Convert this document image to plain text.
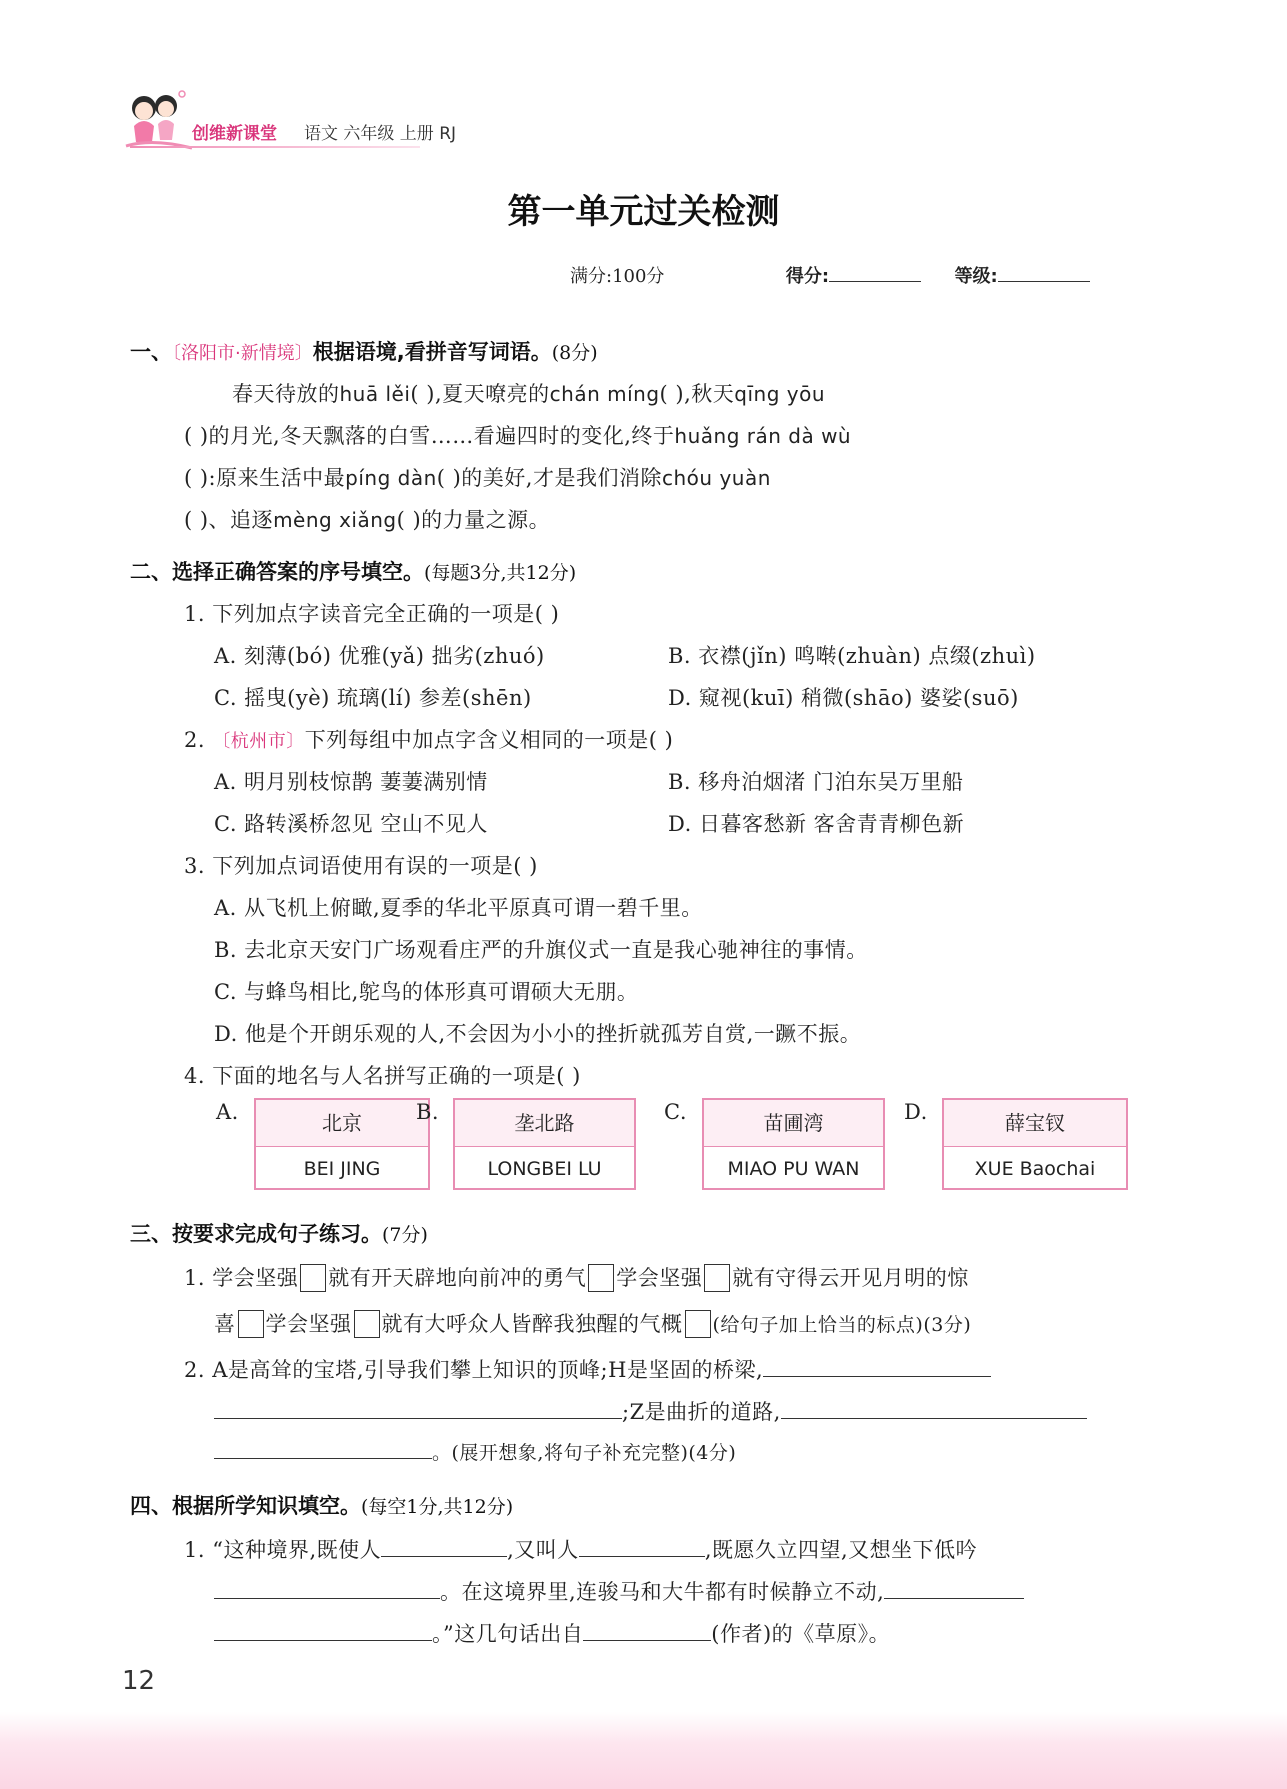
创维新课堂 语文 六年级 上册 RJ
第一单元过关检测
满分:100分	得分:	等级:
一、〔洛阳市·新情境〕根据语境,看拼音写词语。(8分)
春天待放的huā lěi( ),夏天嘹亮的chán míng( ),秋天qīng yōu
( )的月光,冬天飘落的白雪……看遍四时的变化,终于huǎng rán dà wù
( ):原来生活中最píng dàn( )的美好,才是我们消除chóu yuàn
( )、追逐mèng xiǎng( )的力量之源。
二、选择正确答案的序号填空。(每题3分,共12分)
1. 下列加点字读音完全正确的一项是( )
A. 刻薄(bó) 优雅(yǎ) 拙劣(zhuó)	B. 衣襟(jǐn) 鸣啭(zhuàn) 点缀(zhuì)
C. 摇曳(yè) 琉璃(lí) 参差(shēn)	D. 窥视(kuī) 稍微(shāo) 婆娑(suō)
2. 〔杭州市〕下列每组中加点字含义相同的一项是( )
A. 明月别枝惊鹊 萋萋满别情	B. 移舟泊烟渚 门泊东吴万里船
C. 路转溪桥忽见 空山不见人	D. 日暮客愁新 客舍青青柳色新
3. 下列加点词语使用有误的一项是( )
A. 从飞机上俯瞰,夏季的华北平原真可谓一碧千里。
B. 去北京天安门广场观看庄严的升旗仪式一直是我心驰神往的事情。
C. 与蜂鸟相比,鸵鸟的体形真可谓硕大无朋。
D. 他是个开朗乐观的人,不会因为小小的挫折就孤芳自赏,一蹶不振。
4. 下面的地名与人名拼写正确的一项是( )
A.	北京
BEI JING
B.	垄北路
LONGBEI LU
C.	苗圃湾
MIAO PU WAN
D.	薛宝钗
XUE Baochai
三、按要求完成句子练习。(7分)
1. 学会坚强 就有开天辟地向前冲的勇气 学会坚强 就有守得云开见月明的惊
喜 学会坚强 就有大呼众人皆醉我独醒的气概 (给句子加上恰当的标点)(3分)
2. A是高耸的宝塔,引导我们攀上知识的顶峰;H是坚固的桥梁,
;Z是曲折的道路,
。(展开想象,将句子补充完整)(4分)
四、根据所学知识填空。(每空1分,共12分)
1. “这种境界,既使人	,又叫人	,既愿久立四望,又想坐下低吟
。在这境界里,连骏马和大牛都有时候静立不动,
。”这几句话出自	(作者)的《草原》。
12
